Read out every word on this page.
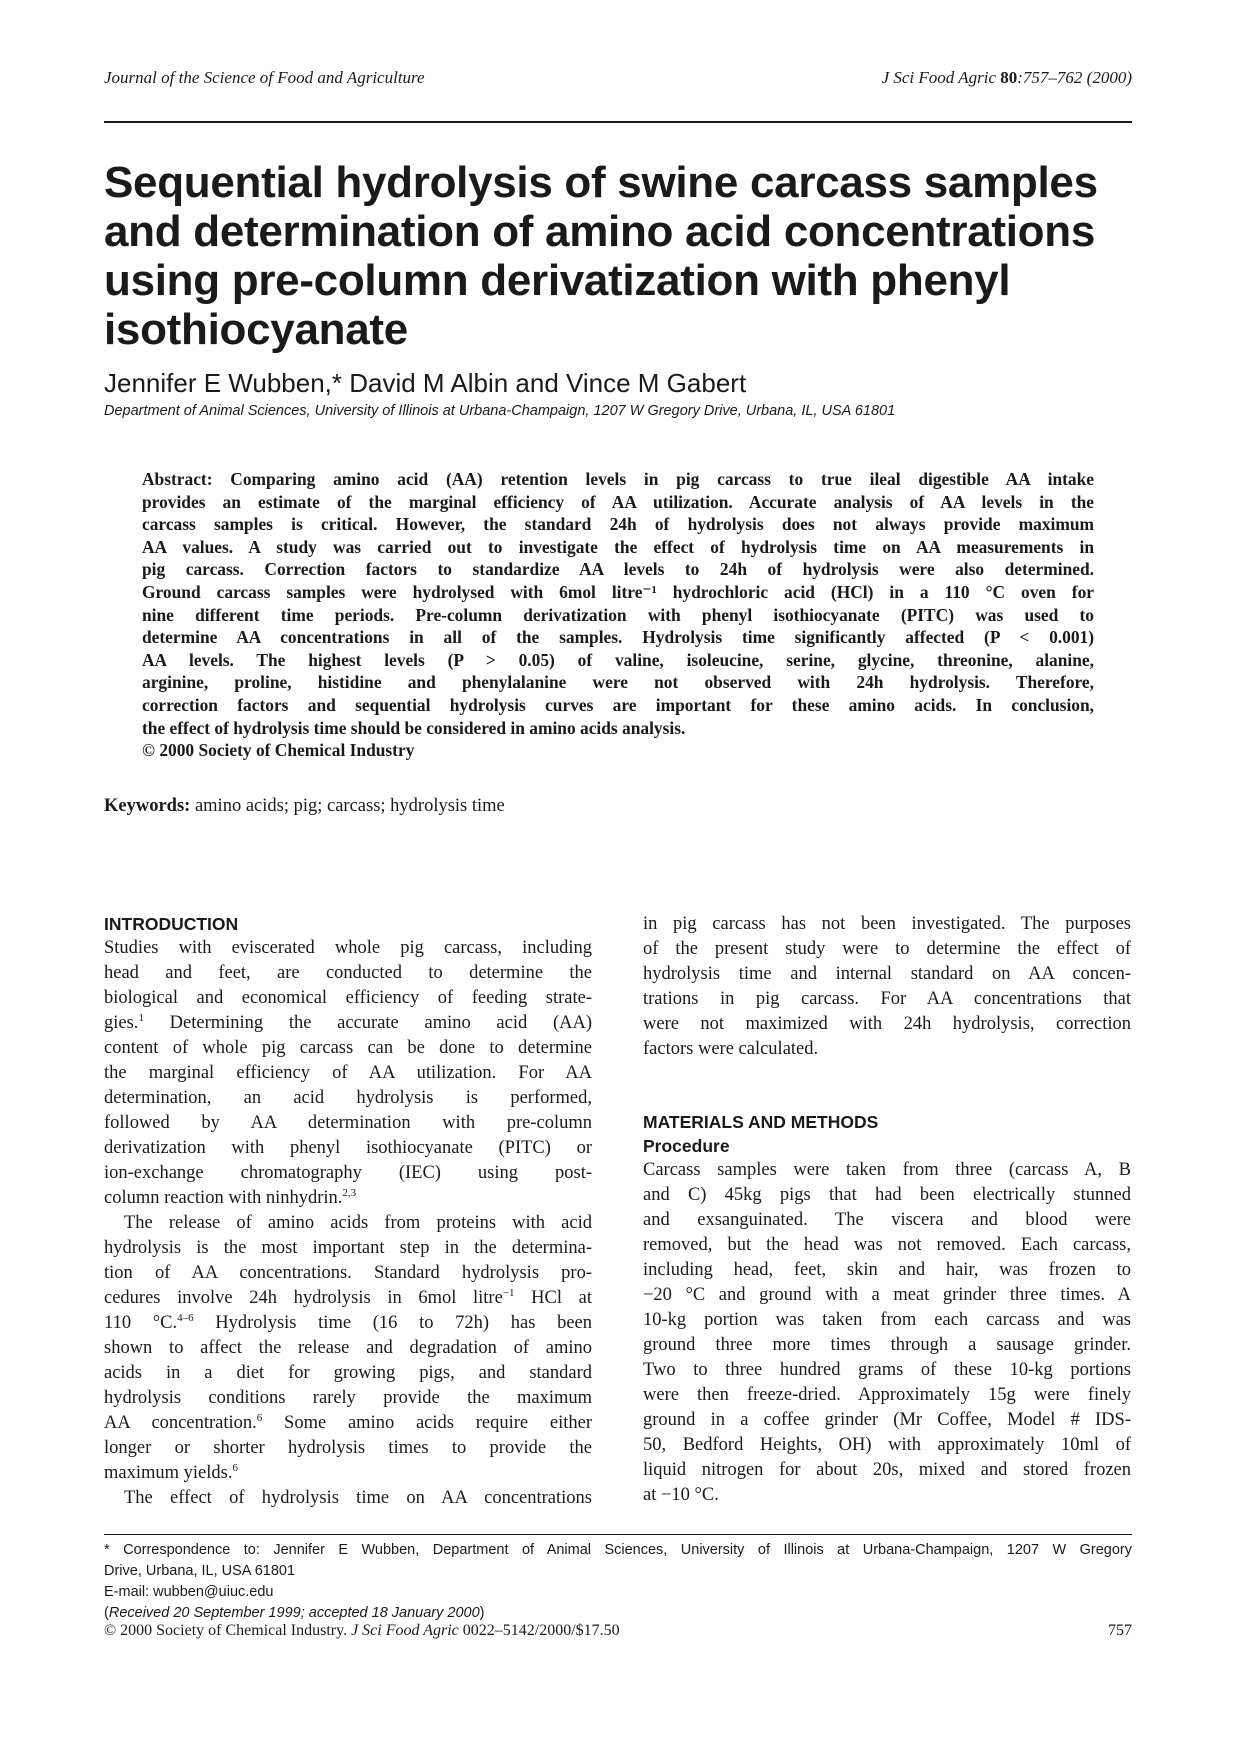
Journal of the Science of Food and Agriculture	J Sci Food Agric 80:757–762 (2000)
Sequential hydrolysis of swine carcass samples
and determination of amino acid concentrations
using pre-column derivatization with phenyl
isothiocyanate
Jennifer E Wubben,* David M Albin and Vince M Gabert
Department of Animal Sciences, University of Illinois at Urbana-Champaign, 1207 W Gregory Drive, Urbana, IL, USA 61801
Abstract: Comparing amino acid (AA) retention levels in pig carcass to true ileal digestible AA intake
provides an estimate of the marginal efficiency of AA utilization. Accurate analysis of AA levels in the
carcass samples is critical. However, the standard 24h of hydrolysis does not always provide maximum
AA values. A study was carried out to investigate the effect of hydrolysis time on AA measurements in
pig carcass. Correction factors to standardize AA levels to 24h of hydrolysis were also determined.
Ground carcass samples were hydrolysed with 6mol litre⁻¹ hydrochloric acid (HCl) in a 110 °C oven for
nine different time periods. Pre-column derivatization with phenyl isothiocyanate (PITC) was used to
determine AA concentrations in all of the samples. Hydrolysis time significantly affected (P < 0.001)
AA levels. The highest levels (P > 0.05) of valine, isoleucine, serine, glycine, threonine, alanine,
arginine, proline, histidine and phenylalanine were not observed with 24h hydrolysis. Therefore,
correction factors and sequential hydrolysis curves are important for these amino acids. In conclusion,
the effect of hydrolysis time should be considered in amino acids analysis.
© 2000 Society of Chemical Industry
Keywords: amino acids; pig; carcass; hydrolysis time
INTRODUCTION
Studies with eviscerated whole pig carcass, including
head and feet, are conducted to determine the
biological and economical efficiency of feeding strate-
gies.$^1$ Determining the accurate amino acid (AA)
content of whole pig carcass can be done to determine
the marginal efficiency of AA utilization. For AA
determination, an acid hydrolysis is performed,
followed by AA determination with pre-column
derivatization with phenyl isothiocyanate (PITC) or
ion-exchange chromatography (IEC) using post-
column reaction with ninhydrin.$^{2,3}$
The release of amino acids from proteins with acid
hydrolysis is the most important step in the determina-
tion of AA concentrations. Standard hydrolysis pro-
cedures involve 24h hydrolysis in 6mol litre$^{-1}$ HCl at
110 °C.$^{4-6}$ Hydrolysis time (16 to 72h) has been
shown to affect the release and degradation of amino
acids in a diet for growing pigs, and standard
hydrolysis conditions rarely provide the maximum
AA concentration.$^6$ Some amino acids require either
longer or shorter hydrolysis times to provide the
maximum yields.$^6$
The effect of hydrolysis time on AA concentrations
in pig carcass has not been investigated. The purposes
of the present study were to determine the effect of
hydrolysis time and internal standard on AA concen-
trations in pig carcass. For AA concentrations that
were not maximized with 24h hydrolysis, correction
factors were calculated.
MATERIALS AND METHODS
Procedure
Carcass samples were taken from three (carcass A, B
and C) 45kg pigs that had been electrically stunned
and exsanguinated. The viscera and blood were
removed, but the head was not removed. Each carcass,
including head, feet, skin and hair, was frozen to
−20 °C and ground with a meat grinder three times. A
10-kg portion was taken from each carcass and was
ground three more times through a sausage grinder.
Two to three hundred grams of these 10-kg portions
were then freeze-dried. Approximately 15g were finely
ground in a coffee grinder (Mr Coffee, Model # IDS-
50, Bedford Heights, OH) with approximately 10ml of
liquid nitrogen for about 20s, mixed and stored frozen
at −10 °C.
* Correspondence to: Jennifer E Wubben, Department of Animal Sciences, University of Illinois at Urbana-Champaign, 1207 W Gregory
Drive, Urbana, IL, USA 61801
E-mail: wubben@uiuc.edu
(Received 20 September 1999; accepted 18 January 2000)
© 2000 Society of Chemical Industry. J Sci Food Agric 0022–5142/2000/$17.50	757
